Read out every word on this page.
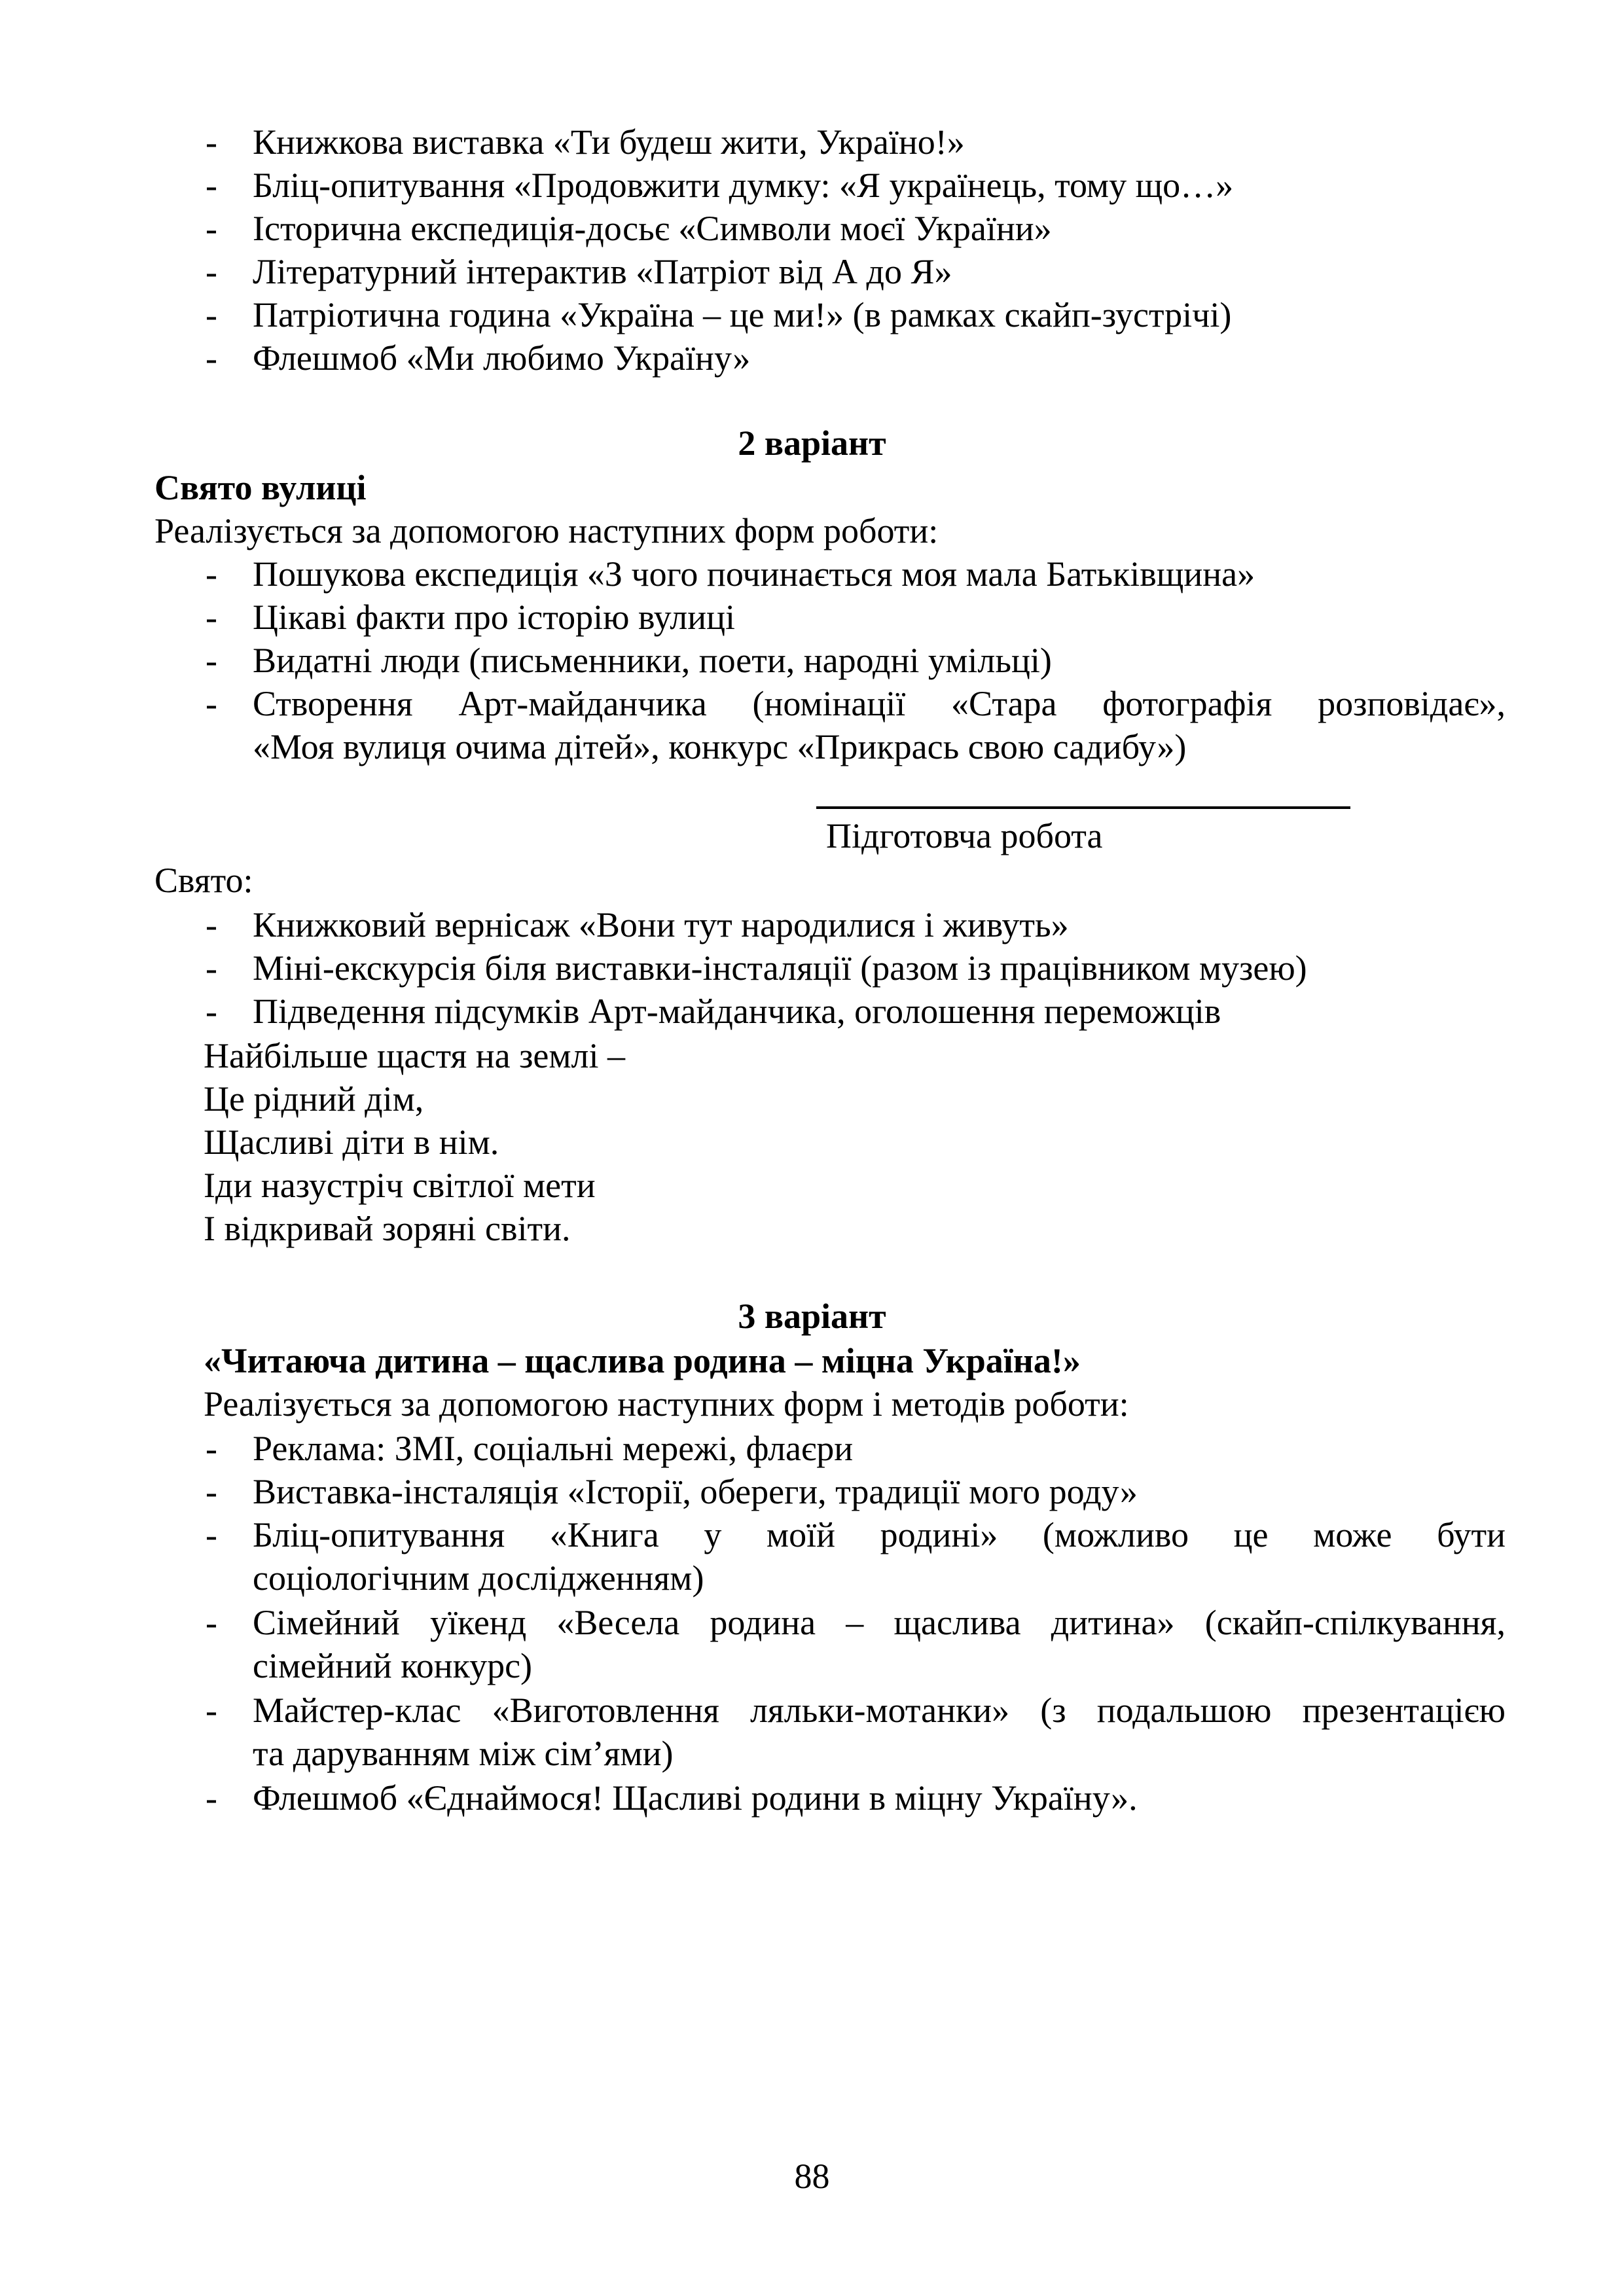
- Книжкова виставка «Ти будеш жити, Україно!»
- Бліц-опитування «Продовжити думку: «Я українець, тому що…»
- Історична експедиція-досьє «Символи моєї України»
- Літературний інтерактив «Патріот від А до Я»
- Патріотична година «Україна – це ми!» (в рамках скайп-зустрічі)
- Флешмоб «Ми любимо Україну»
2 варіант
Свято вулиці
Реалізується за допомогою наступних форм роботи:
- Пошукова експедиція «З чого починається моя мала Батьківщина»
- Цікаві факти про історію вулиці
- Видатні люди (письменники, поети, народні умільці)
- Створення Арт-майданчика (номінації «Стара фотографія розповідає»,
«Моя вулиця очима дітей», конкурс «Прикрась свою садибу»)
Підготовча робота
Свято:
- Книжковий вернісаж «Вони тут народилися і живуть»
- Міні-екскурсія біля виставки-інсталяції (разом із працівником музею)
- Підведення підсумків Арт-майданчика, оголошення переможців
Найбільше щастя на землі –
Це рідний дім,
Щасливі діти в нім.
Іди назустріч світлої мети
І відкривай зоряні світи.
3 варіант
«Читаюча дитина – щаслива родина – міцна Україна!»
Реалізується за допомогою наступних форм і методів роботи:
- Реклама: ЗМІ, соціальні мережі, флаєри
- Виставка-інсталяція «Історії, обереги, традиції мого роду»
- Бліц-опитування «Книга у моїй родині» (можливо це може бути
соціологічним дослідженням)
- Сімейний уїкенд «Весела родина – щаслива дитина» (скайп-спілкування,
сімейний конкурс)
- Майстер-клас «Виготовлення ляльки-мотанки» (з подальшою презентацією
та даруванням між сім’ями)
- Флешмоб «Єднаймося! Щасливі родини в міцну Україну».
88
